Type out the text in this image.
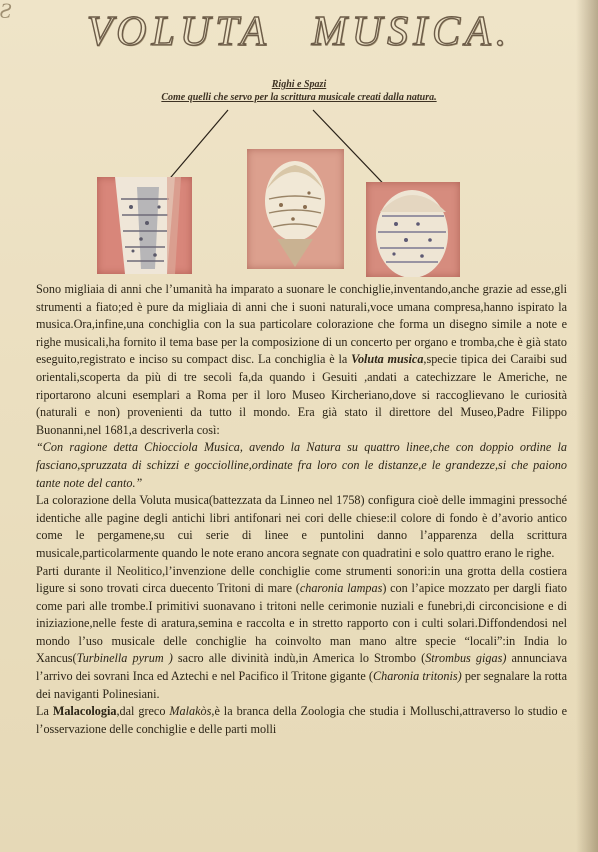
Ƨ	VOLUTA MUSICA.
Righi e Spazi
Come quelli che servo per la scrittura musicale creati dalla natura.

Sono migliaia di anni che l’umanità ha imparato a suonare le conchiglie,inventando,anche grazie ad esse,gli strumenti a fiato;ed è pure da migliaia di anni che i suoni naturali,voce umana compresa,hanno ispirato la musica.Ora,infine,una conchiglia con la sua particolare colorazione che forma un disegno simile a note e righe musicali,ha fornito il tema base per la composizione di un concerto per organo e tromba,che è già stato eseguito,registrato e inciso su compact disc. La conchiglia è la Voluta musica,specie tipica dei Caraibi sud orientali,scoperta da più di tre secoli fa,da quando i Gesuiti ,andati a catechizzare le Americhe, ne riportarono alcuni esemplari a Roma per il loro Museo Kircheriano,dove si raccoglievano le curiosità (naturali e non) provenienti da tutto il mondo. Era già stato il direttore del Museo,Padre Filippo Buonanni,nel 1681,a descriverla così:

“Con ragione detta Chiocciola Musica, avendo la Natura su quattro linee,che con doppio ordine la fasciano,spruzzata di schizzi e gocciolline,ordinate fra loro con le distanze,e le grandezze,si che paiono tante note del canto.”

La colorazione della Voluta musica(battezzata da Linneo nel 1758) configura cioè delle immagini pressoché identiche alle pagine degli antichi libri antifonari nei cori delle chiese:il colore di fondo è d’avorio antico come le pergamene,su cui serie di linee e puntolini danno l’apparenza della scrittura musicale,particolarmente quando le note erano ancora segnate con quadratini e solo quattro erano le righe.

Parti durante il Neolitico,l’invenzione delle conchiglie come strumenti sonori:in una grotta della costiera ligure si sono trovati circa duecento Tritoni di mare (charonia lampas) con l’apice mozzato per dargli fiato come pari alle trombe.I primitivi suonavano i tritoni nelle cerimonie nuziali e funebri,di circoncisione e di iniziazione,nelle feste di aratura,semina e raccolta e in stretto rapporto con i culti solari.Diffondendosi nel mondo l’uso musicale delle conchiglie ha coinvolto man mano altre specie “locali”:in India lo Xancus(Turbinella pyrum ) sacro alle divinità indù,in America lo Strombo (Strombus gigas) annunciava l’arrivo dei sovrani Inca ed Aztechi e nel Pacifico il Tritone gigante (Charonia tritonis) per segnalare la rotta dei naviganti Polinesiani.

La Malacologia,dal greco Malakòs,è la branca della Zoologia che studia i Molluschi,attraverso lo studio e l’osservazione delle conchiglie e delle parti molli
